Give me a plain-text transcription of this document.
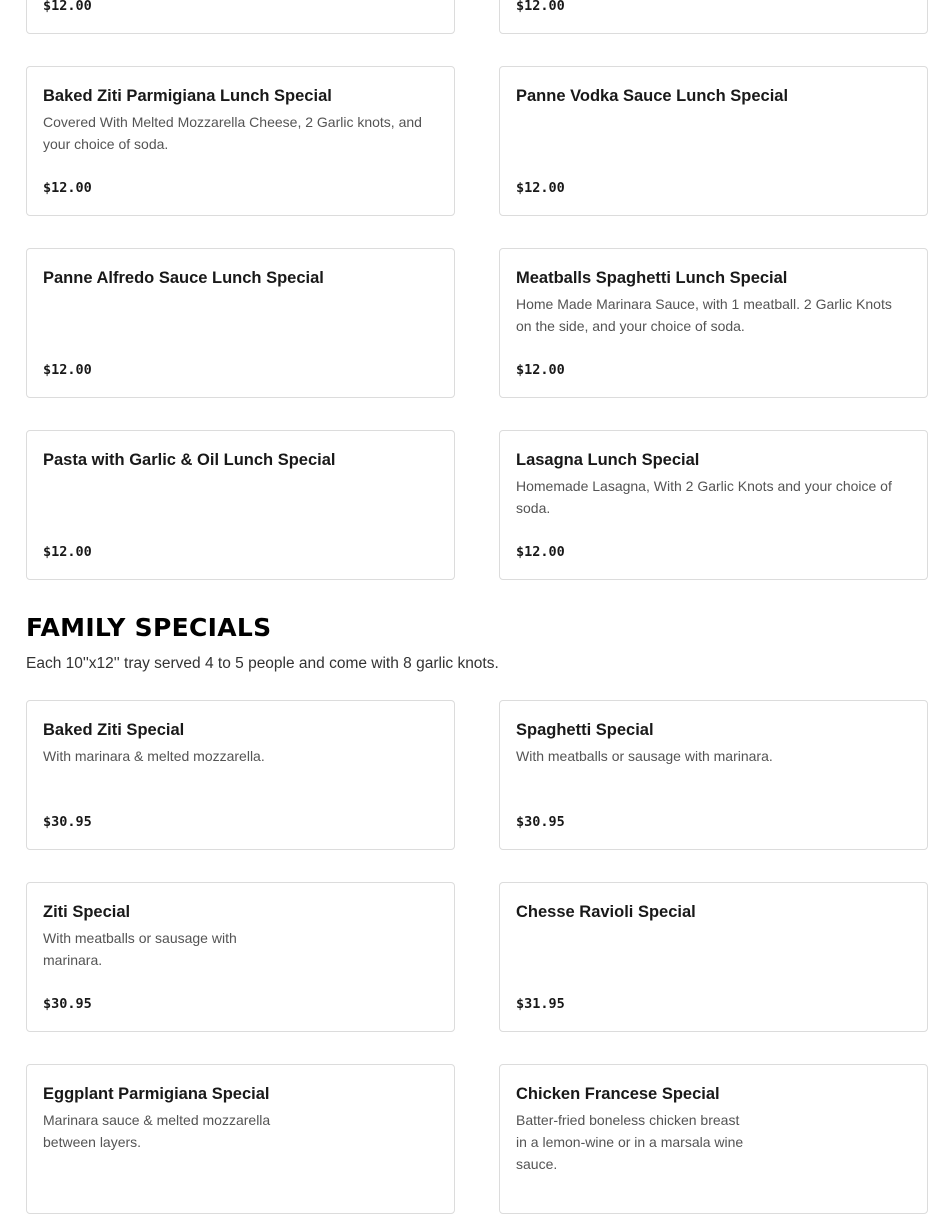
$12.00	$12.00
Baked Ziti Parmigiana Lunch Special
Covered With Melted Mozzarella Cheese, 2 Garlic knots, and your choice of soda.
$12.00
Panne Vodka Sauce Lunch Special
$12.00
Panne Alfredo Sauce Lunch Special
$12.00
Meatballs Spaghetti Lunch Special
Home Made Marinara Sauce, with 1 meatball. 2 Garlic Knots on the side, and your choice of soda.
$12.00
Pasta with Garlic & Oil Lunch Special
$12.00
Lasagna Lunch Special
Homemade Lasagna, With 2 Garlic Knots and your choice of soda.
$12.00
FAMILY SPECIALS
Each 10''x12'' tray served 4 to 5 people and come with 8 garlic knots.
Baked Ziti Special
With marinara & melted mozzarella.
$30.95
Spaghetti Special
With meatballs or sausage with marinara.
$30.95
Ziti Special
With meatballs or sausage with marinara.
$30.95
Chesse Ravioli Special
$31.95
Eggplant Parmigiana Special
Marinara sauce & melted mozzarella between layers.
Chicken Francese Special
Batter-fried boneless chicken breast in a lemon-wine or in a marsala wine sauce.
